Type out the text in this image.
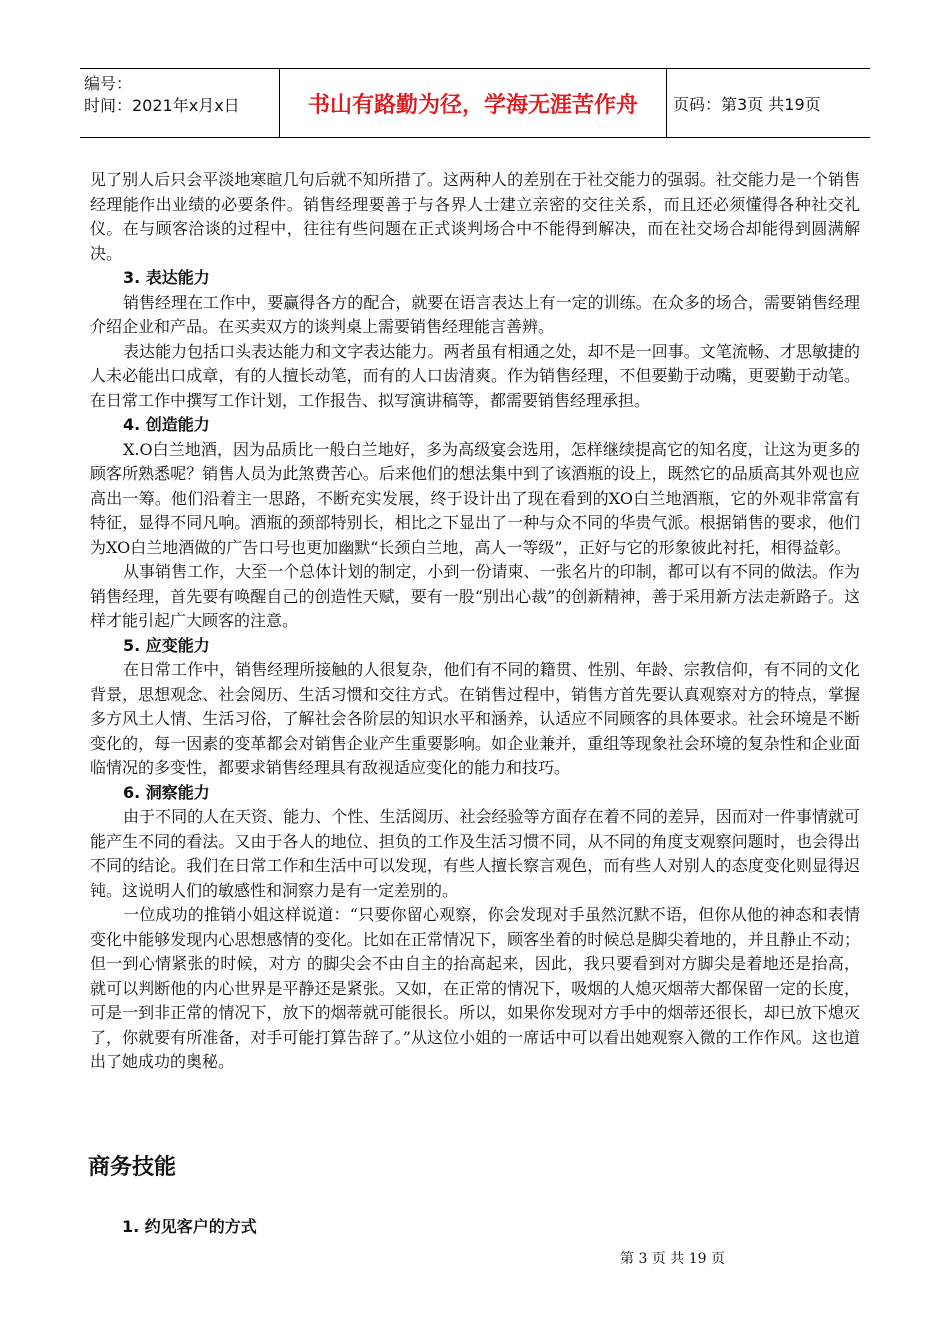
编号：
时间：2021年x月x日	书山有路勤为径，学海无涯苦作舟	页码：第3页 共19页

见了别人后只会平淡地寒暄几句后就不知所措了。这两种人的差别在于社交能力的强弱。社交能力是一个销售经理能作出业绩的必要条件。销售经理要善于与各界人士建立亲密的交往关系，而且还必须懂得各种社交礼仪。在与顾客洽谈的过程中，往往有些问题在正式谈判场合中不能得到解决，而在社交场合却能得到圆满解决。

3. 表达能力

销售经理在工作中，要赢得各方的配合，就要在语言表达上有一定的训练。在众多的场合，需要销售经理介绍企业和产品。在买卖双方的谈判桌上需要销售经理能言善辨。

表达能力包括口头表达能力和文字表达能力。两者虽有相通之处，却不是一回事。文笔流畅、才思敏捷的人未必能出口成章，有的人擅长动笔，而有的人口齿清爽。作为销售经理，不但要勤于动嘴，更要勤于动笔。在日常工作中撰写工作计划，工作报告、拟写演讲稿等，都需要销售经理承担。

4. 创造能力

X.O白兰地酒，因为品质比一般白兰地好，多为高级宴会选用，怎样继续提高它的知名度，让这为更多的顾客所熟悉呢？销售人员为此煞费苦心。后来他们的想法集中到了该酒瓶的设上，既然它的品质高其外观也应高出一筹。他们沿着主一思路，不断充实发展，终于设计出了现在看到的XO白兰地酒瓶，它的外观非常富有特征，显得不同凡响。酒瓶的颈部特别长，相比之下显出了一种与众不同的华贵气派。根据销售的要求，他们为XO白兰地酒做的广告口号也更加幽默“长颈白兰地，高人一等级”，正好与它的形象彼此衬托，相得益彰。

从事销售工作，大至一个总体计划的制定，小到一份请柬、一张名片的印制，都可以有不同的做法。作为销售经理，首先要有唤醒自己的创造性天赋，要有一股“别出心裁”的创新精神，善于采用新方法走新路子。这样才能引起广大顾客的注意。

5. 应变能力

在日常工作中，销售经理所接触的人很复杂，他们有不同的籍贯、性别、年龄、宗教信仰，有不同的文化背景，思想观念、社会阅历、生活习惯和交往方式。在销售过程中，销售方首先要认真观察对方的特点，掌握多方风土人情、生活习俗，了解社会各阶层的知识水平和涵养，认适应不同顾客的具体要求。社会环境是不断变化的，每一因素的变革都会对销售企业产生重要影响。如企业兼并，重组等现象社会环境的复杂性和企业面临情况的多变性，都要求销售经理具有敌视适应变化的能力和技巧。

6. 洞察能力

由于不同的人在天资、能力、个性、生活阅历、社会经验等方面存在着不同的差异，因而对一件事情就可能产生不同的看法。又由于各人的地位、担负的工作及生活习惯不同，从不同的角度支观察问题时，也会得出不同的结论。我们在日常工作和生活中可以发现，有些人擅长察言观色，而有些人对别人的态度变化则显得迟钝。这说明人们的敏感性和洞察力是有一定差别的。

一位成功的推销小姐这样说道：“只要你留心观察，你会发现对手虽然沉默不语，但你从他的神态和表情变化中能够发现内心思想感情的变化。比如在正常情况下，顾客坐着的时候总是脚尖着地的，并且静止不动；但一到心情紧张的时候，对方 的脚尖会不由自主的抬高起来，因此，我只要看到对方脚尖是着地还是抬高，就可以判断他的内心世界是平静还是紧张。又如，在正常的情况下，吸烟的人熄灭烟蒂大都保留一定的长度，可是一到非正常的情况下，放下的烟蒂就可能很长。所以，如果你发现对方手中的烟蒂还很长，却已放下熄灭了，你就要有所准备，对手可能打算告辞了。”从这位小姐的一席话中可以看出她观察入微的工作作风。这也道出了她成功的奥秘。

商务技能
1. 约见客户的方式
第 3 页 共 19 页
